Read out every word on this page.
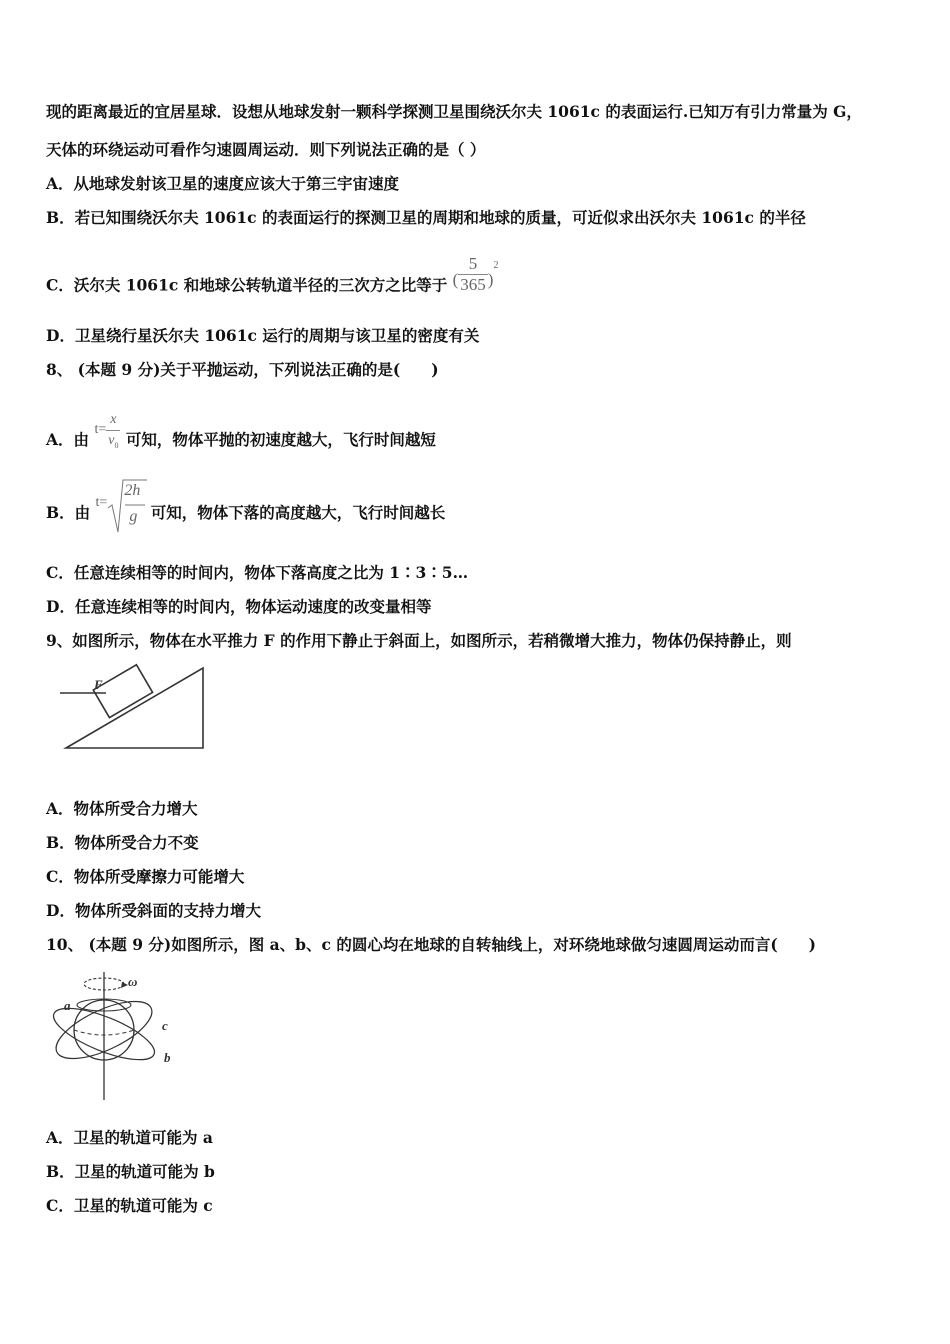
现的距离最近的宜居星球．设想从地球发射一颗科学探测卫星围绕沃尔夫 1061c 的表面运行.已知万有引力常量为 G，
天体的环绕运动可看作匀速圆周运动．则下列说法正确的是（ ）
A．从地球发射该卫星的速度应该大于第三宇宙速度
B．若已知围绕沃尔夫 1061c 的表面运行的探测卫星的周期和地球的质量，可近似求出沃尔夫 1061c 的半径
C．沃尔夫 1061c 和地球公转轨道半径的三次方之比等于 ( $\frac{5}{365} )^2$
D．卫星绕行星沃尔夫 1061c 运行的周期与该卫星的密度有关
8、 (本题 9 分)关于平抛运动，下列说法正确的是(　　)
A．由 $t= \frac{x}{v_0}$ 可知，物体平抛的初速度越大，飞行时间越短
B．由 t=
2h
g 可知，物体下落的高度越大，飞行时间越长
C．任意连续相等的时间内，物体下落高度之比为 1∶3∶5…
D．任意连续相等的时间内，物体运动速度的改变量相等
9、如图所示，物体在水平推力 F 的作用下静止于斜面上，如图所示，若稍微增大推力，物体仍保持静止，则
F
A．物体所受合力增大
B．物体所受合力不变
C．物体所受摩擦力可能增大
D．物体所受斜面的支持力增大
10、 (本题 9 分)如图所示，图 a、b、c 的圆心均在地球的自转轴线上，对环绕地球做匀速圆周运动而言(　　)
ω
a
c
b
A．卫星的轨道可能为 a
B．卫星的轨道可能为 b
C．卫星的轨道可能为 c
